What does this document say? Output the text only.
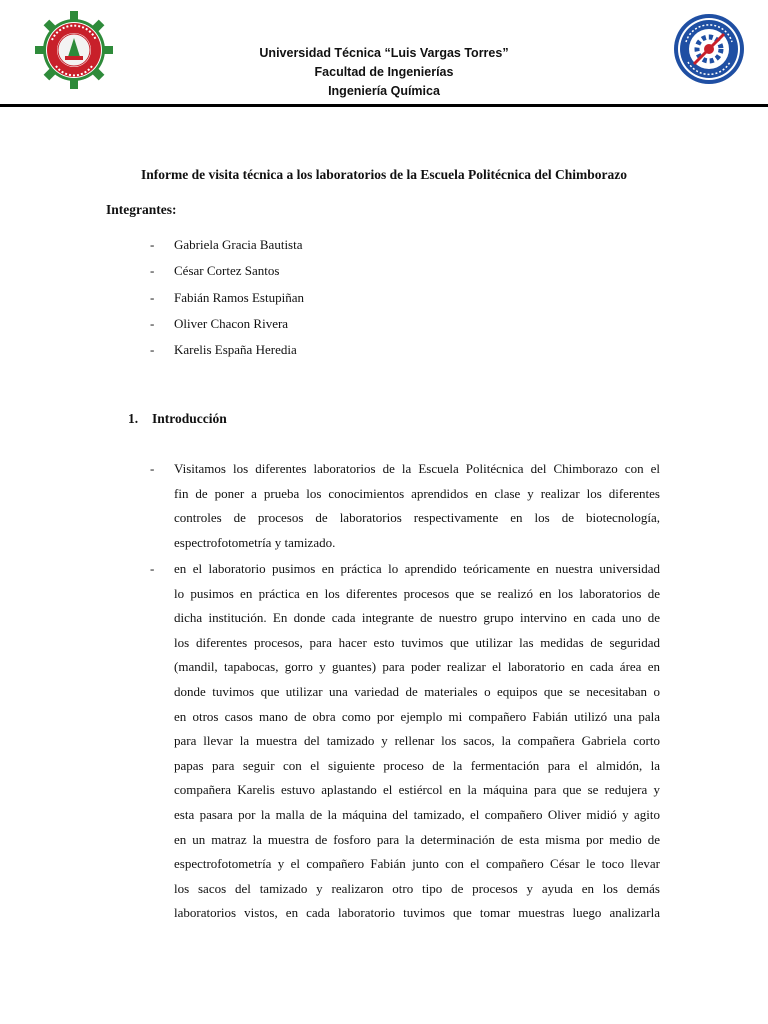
Universidad Técnica “Luis Vargas Torres”
Facultad de Ingenierías
Ingeniería Química
Informe de visita técnica a los laboratorios de la Escuela Politécnica del Chimborazo
Integrantes:
- Gabriela Gracia Bautista
- César Cortez Santos
- Fabián Ramos Estupiñan
- Oliver Chacon Rivera
- Karelis España Heredia
1. Introducción
- Visitamos los diferentes laboratorios de la Escuela Politécnica del Chimborazo con el
fin de poner a prueba los conocimientos aprendidos en clase y realizar los diferentes
controles de procesos de laboratorios respectivamente en los de biotecnología,
espectrofotometría y tamizado.
- en el laboratorio pusimos en práctica lo aprendido teóricamente en nuestra universidad
lo pusimos en práctica en los diferentes procesos que se realizó en los laboratorios de
dicha institución. En donde cada integrante de nuestro grupo intervino en cada uno de
los diferentes procesos, para hacer esto tuvimos que utilizar las medidas de seguridad
(mandil, tapabocas, gorro y guantes) para poder realizar el laboratorio en cada área en
donde tuvimos que utilizar una variedad de materiales o equipos que se necesitaban o
en otros casos mano de obra como por ejemplo mi compañero Fabián utilizó una pala
para llevar la muestra del tamizado y rellenar los sacos, la compañera Gabriela corto
papas para seguir con el siguiente proceso de la fermentación para el almidón, la
compañera Karelis estuvo aplastando el estiércol en la máquina para que se redujera y
esta pasara por la malla de la máquina del tamizado, el compañero Oliver midió y agito
en un matraz la muestra de fosforo para la determinación de esta misma por medio de
espectrofotometría y el compañero Fabián junto con el compañero César le toco llevar
los sacos del tamizado y realizaron otro tipo de procesos y ayuda en los demás
laboratorios vistos, en cada laboratorio tuvimos que tomar muestras luego analizarla
